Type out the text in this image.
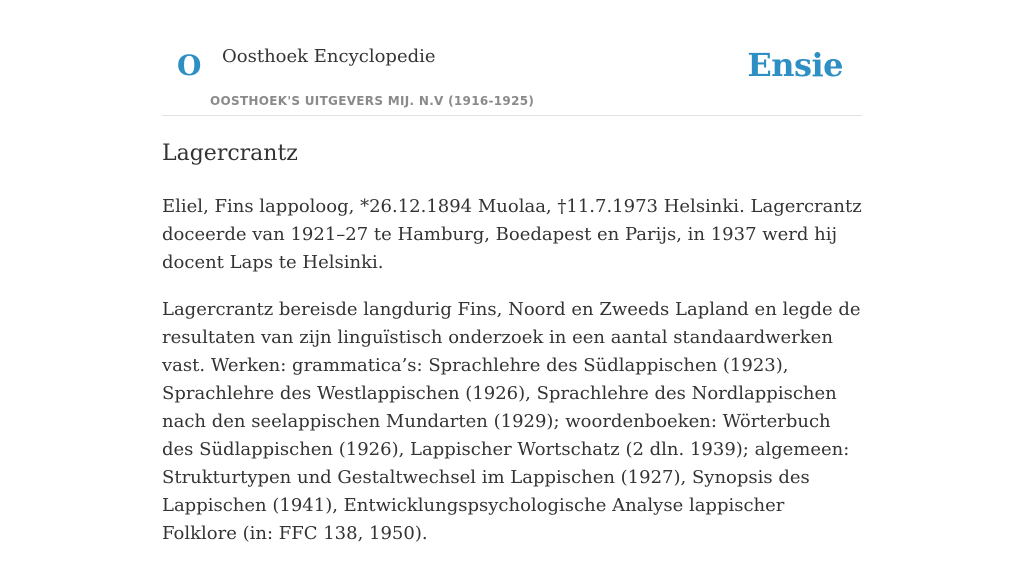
O Oosthoek Encyclopedie
OOSTHOEK'S UITGEVERS MIJ. N.V (1916-1925)
Ensie
Lagercrantz

Eliel, Fins lappoloog, *26.12.1894 Muolaa, †11.7.1973 Helsinki. Lagercrantz doceerde van 1921–27 te Hamburg, Boedapest en Parijs, in 1937 werd hij docent Laps te Helsinki.

Lagercrantz bereisde langdurig Fins, Noord en Zweeds Lapland en legde de resultaten van zijn linguïstisch onderzoek in een aantal standaardwerken vast. Werken: grammatica’s: Sprachlehre des Südlappischen (1923), Sprachlehre des Westlappischen (1926), Sprachlehre des Nordlappischen nach den seelappischen Mundarten (1929); woordenboeken: Wörterbuch des Südlappischen (1926), Lappischer Wortschatz (2 dln. 1939); algemeen: Strukturtypen und Gestaltwechsel im Lappischen (1927), Synopsis des Lappischen (1941), Entwicklungspsychologische Analyse lappischer Folklore (in: FFC 138, 1950).
